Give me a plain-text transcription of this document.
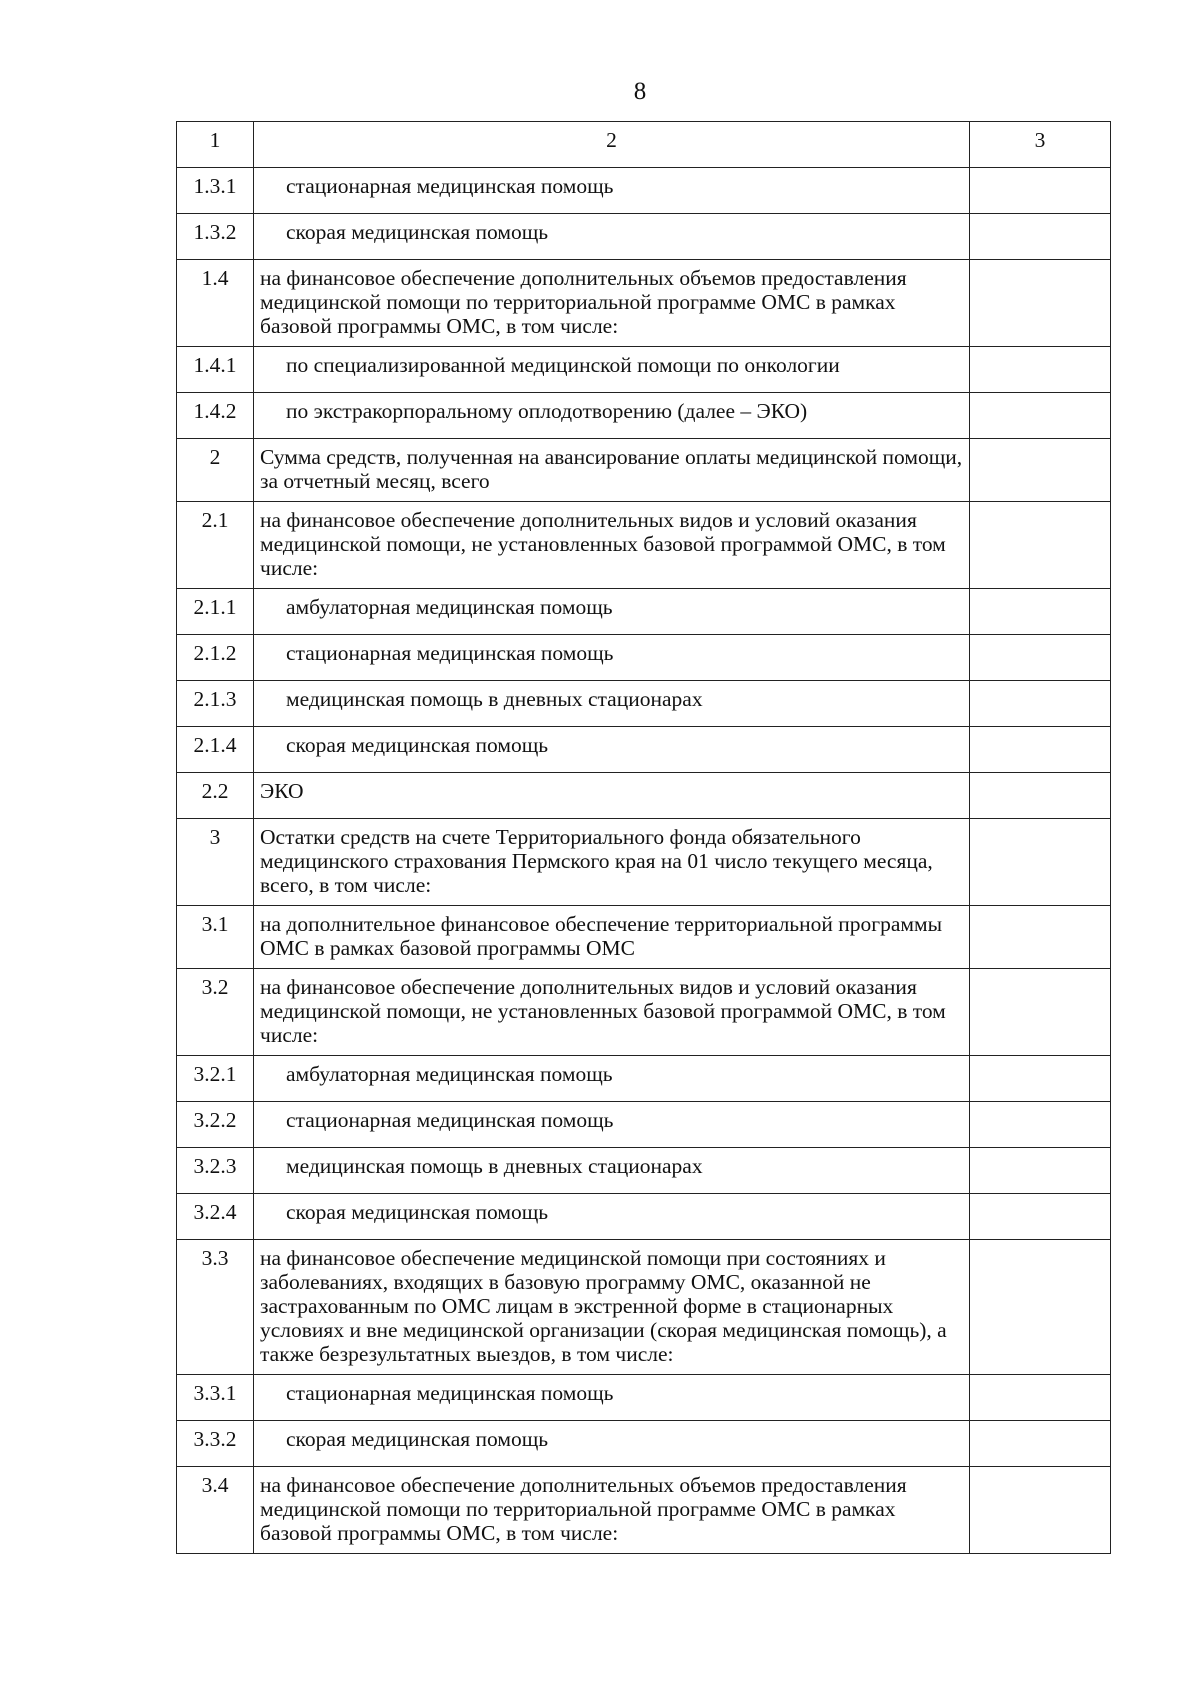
8
1	2	3
1.3.1	стационарная медицинская помощь	
1.3.2	скорая медицинская помощь	
1.4	на финансовое обеспечение дополнительных объемов предоставления медицинской помощи по территориальной программе ОМС в рамках базовой программы ОМС, в том числе:	
1.4.1	по специализированной медицинской помощи по онкологии	
1.4.2	по экстракорпоральному оплодотворению (далее – ЭКО)	
2	Сумма средств, полученная на авансирование оплаты медицинской помощи, за отчетный месяц, всего	
2.1	на финансовое обеспечение дополнительных видов и условий оказания медицинской помощи, не установленных базовой программой ОМС, в том числе:	
2.1.1	амбулаторная медицинская помощь	
2.1.2	стационарная медицинская помощь	
2.1.3	медицинская помощь в дневных стационарах	
2.1.4	скорая медицинская помощь	
2.2	ЭКО	
3	Остатки средств на счете Территориального фонда обязательного медицинского страхования Пермского края на 01 число текущего месяца, всего, в том числе:	
3.1	на дополнительное финансовое обеспечение территориальной программы ОМС в рамках базовой программы ОМС	
3.2	на финансовое обеспечение дополнительных видов и условий оказания медицинской помощи, не установленных базовой программой ОМС, в том числе:	
3.2.1	амбулаторная медицинская помощь	
3.2.2	стационарная медицинская помощь	
3.2.3	медицинская помощь в дневных стационарах	
3.2.4	скорая медицинская помощь	
3.3	на финансовое обеспечение медицинской помощи при состояниях и заболеваниях, входящих в базовую программу ОМС, оказанной не застрахованным по ОМС лицам в экстренной форме в стационарных условиях и вне медицинской организации (скорая медицинская помощь), а также безрезультатных выездов, в том числе:	
3.3.1	стационарная медицинская помощь	
3.3.2	скорая медицинская помощь	
3.4	на финансовое обеспечение дополнительных объемов предоставления медицинской помощи по территориальной программе ОМС в рамках базовой программы ОМС, в том числе:	
